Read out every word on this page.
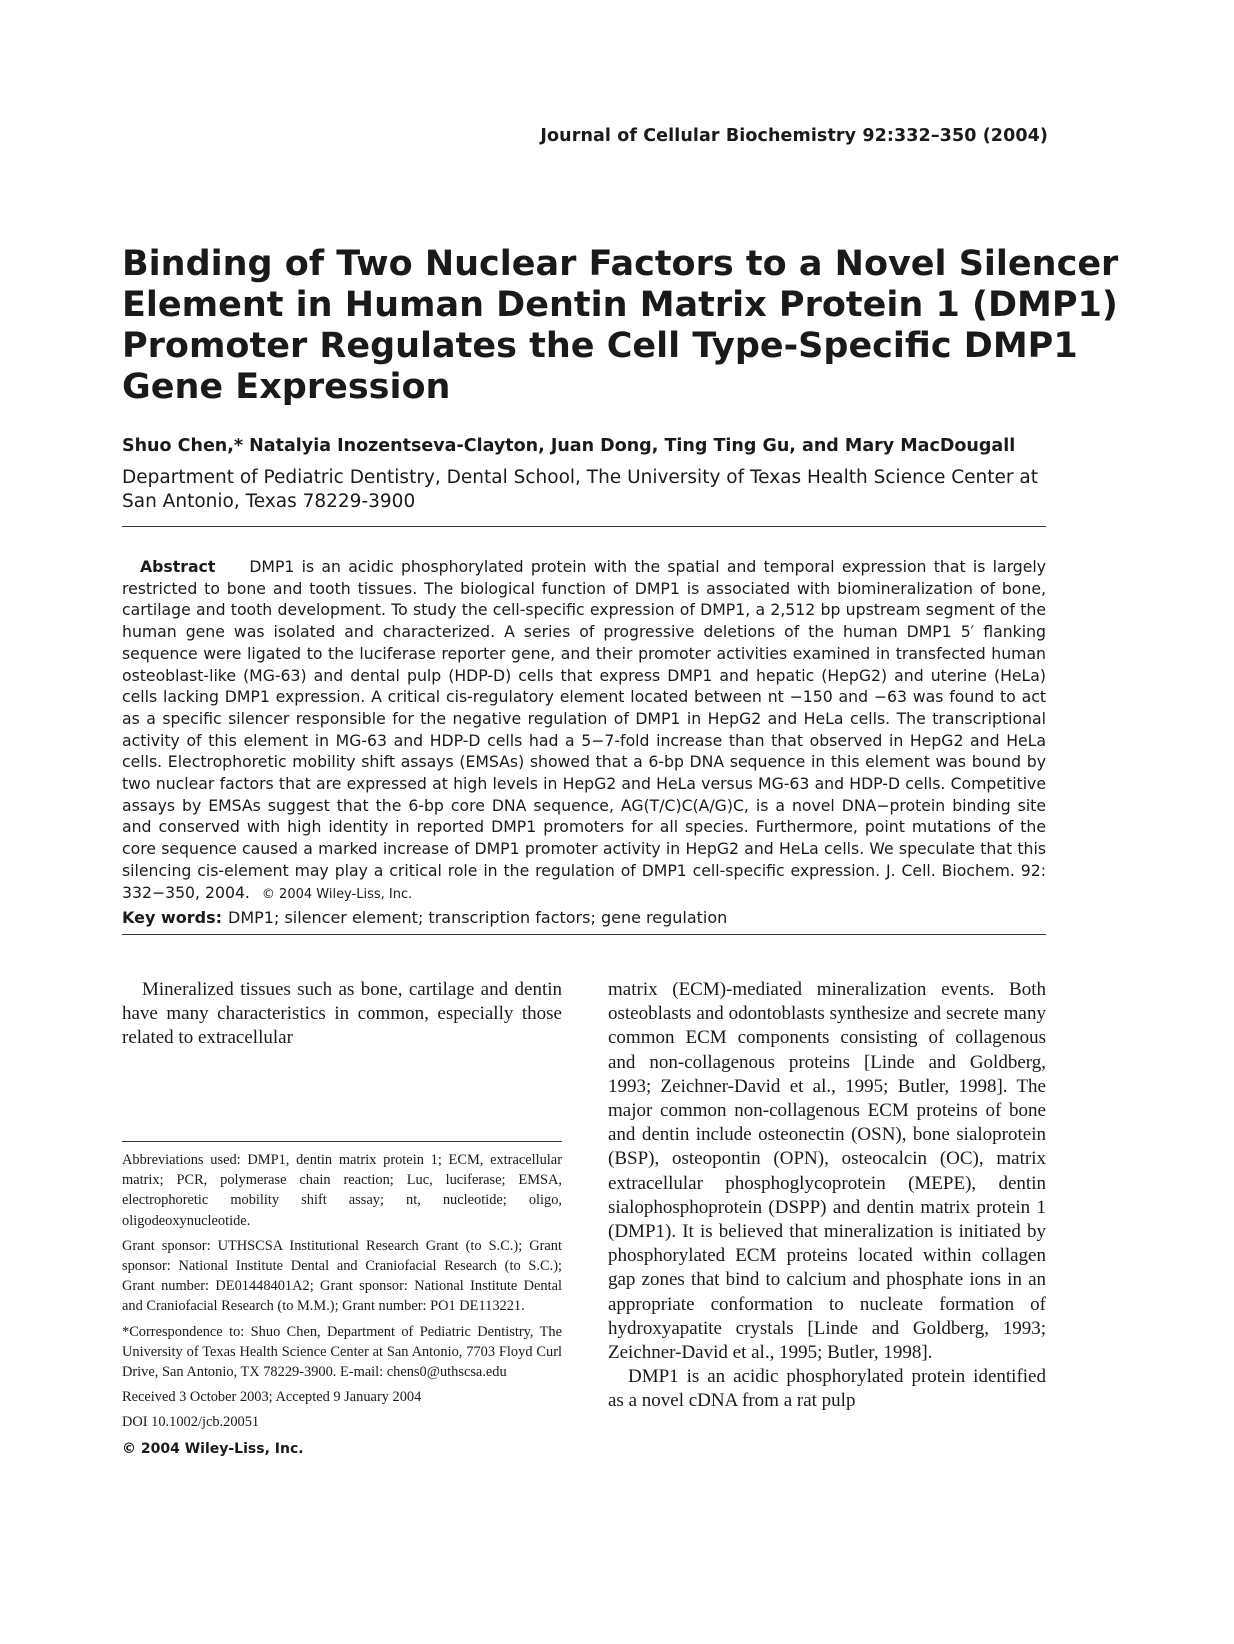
Journal of Cellular Biochemistry 92:332–350 (2004)
Binding of Two Nuclear Factors to a Novel Silencer
Element in Human Dentin Matrix Protein 1 (DMP1)
Promoter Regulates the Cell Type-Specific DMP1
Gene Expression
Shuo Chen,* Natalyia Inozentseva-Clayton, Juan Dong, Ting Ting Gu, and Mary MacDougall
Department of Pediatric Dentistry, Dental School, The University of Texas Health Science Center at
San Antonio, Texas 78229-3900

Abstract DMP1 is an acidic phosphorylated protein with the spatial and temporal expression that is largely restricted to bone and tooth tissues. The biological function of DMP1 is associated with biomineralization of bone, cartilage and tooth development. To study the cell-specific expression of DMP1, a 2,512 bp upstream segment of the human gene was isolated and characterized. A series of progressive deletions of the human DMP1 5′ flanking sequence were ligated to the luciferase reporter gene, and their promoter activities examined in transfected human osteoblast-like (MG-63) and dental pulp (HDP-D) cells that express DMP1 and hepatic (HepG2) and uterine (HeLa) cells lacking DMP1 expression. A critical cis-regulatory element located between nt −150 and −63 was found to act as a specific silencer responsible for the negative regulation of DMP1 in HepG2 and HeLa cells. The transcriptional activity of this element in MG-63 and HDP-D cells had a 5−7-fold increase than that observed in HepG2 and HeLa cells. Electrophoretic mobility shift assays (EMSAs) showed that a 6-bp DNA sequence in this element was bound by two nuclear factors that are expressed at high levels in HepG2 and HeLa versus MG-63 and HDP-D cells. Competitive assays by EMSAs suggest that the 6-bp core DNA sequence, AG(T/C)C(A/G)C, is a novel DNA−protein binding site and conserved with high identity in reported DMP1 promoters for all species. Furthermore, point mutations of the core sequence caused a marked increase of DMP1 promoter activity in HepG2 and HeLa cells. We speculate that this silencing cis-element may play a critical role in the regulation of DMP1 cell-specific expression. J. Cell. Biochem. 92: 332−350, 2004. © 2004 Wiley-Liss, Inc.

Key words: DMP1; silencer element; transcription factors; gene regulation

Mineralized tissues such as bone, cartilage and dentin have many characteristics in common, especially those related to extracellular

matrix (ECM)-mediated mineralization events. Both osteoblasts and odontoblasts synthesize and secrete many common ECM components consisting of collagenous and non-collagenous proteins [Linde and Goldberg, 1993; Zeichner-David et al., 1995; Butler, 1998]. The major common non-collagenous ECM proteins of bone and dentin include osteonectin (OSN), bone sialoprotein (BSP), osteopontin (OPN), osteocalcin (OC), matrix extracellular phosphoglycoprotein (MEPE), dentin sialophosphoprotein (DSPP) and dentin matrix protein 1 (DMP1). It is believed that mineralization is initiated by phosphorylated ECM proteins located within collagen gap zones that bind to calcium and phosphate ions in an appropriate conformation to nucleate formation of hydroxyapatite crystals [Linde and Goldberg, 1993; Zeichner-David et al., 1995; Butler, 1998].

DMP1 is an acidic phosphorylated protein identified as a novel cDNA from a rat pulp

Abbreviations used: DMP1, dentin matrix protein 1; ECM, extracellular matrix; PCR, polymerase chain reaction; Luc, luciferase; EMSA, electrophoretic mobility shift assay; nt, nucleotide; oligo, oligodeoxynucleotide.

Grant sponsor: UTHSCSA Institutional Research Grant (to S.C.); Grant sponsor: National Institute Dental and Craniofacial Research (to S.C.); Grant number: DE01448401A2; Grant sponsor: National Institute Dental and Craniofacial Research (to M.M.); Grant number: PO1 DE113221.

*Correspondence to: Shuo Chen, Department of Pediatric Dentistry, The University of Texas Health Science Center at San Antonio, 7703 Floyd Curl Drive, San Antonio, TX 78229-3900. E-mail: chens0@uthscsa.edu

Received 3 October 2003; Accepted 9 January 2004

DOI 10.1002/jcb.20051

© 2004 Wiley-Liss, Inc.
